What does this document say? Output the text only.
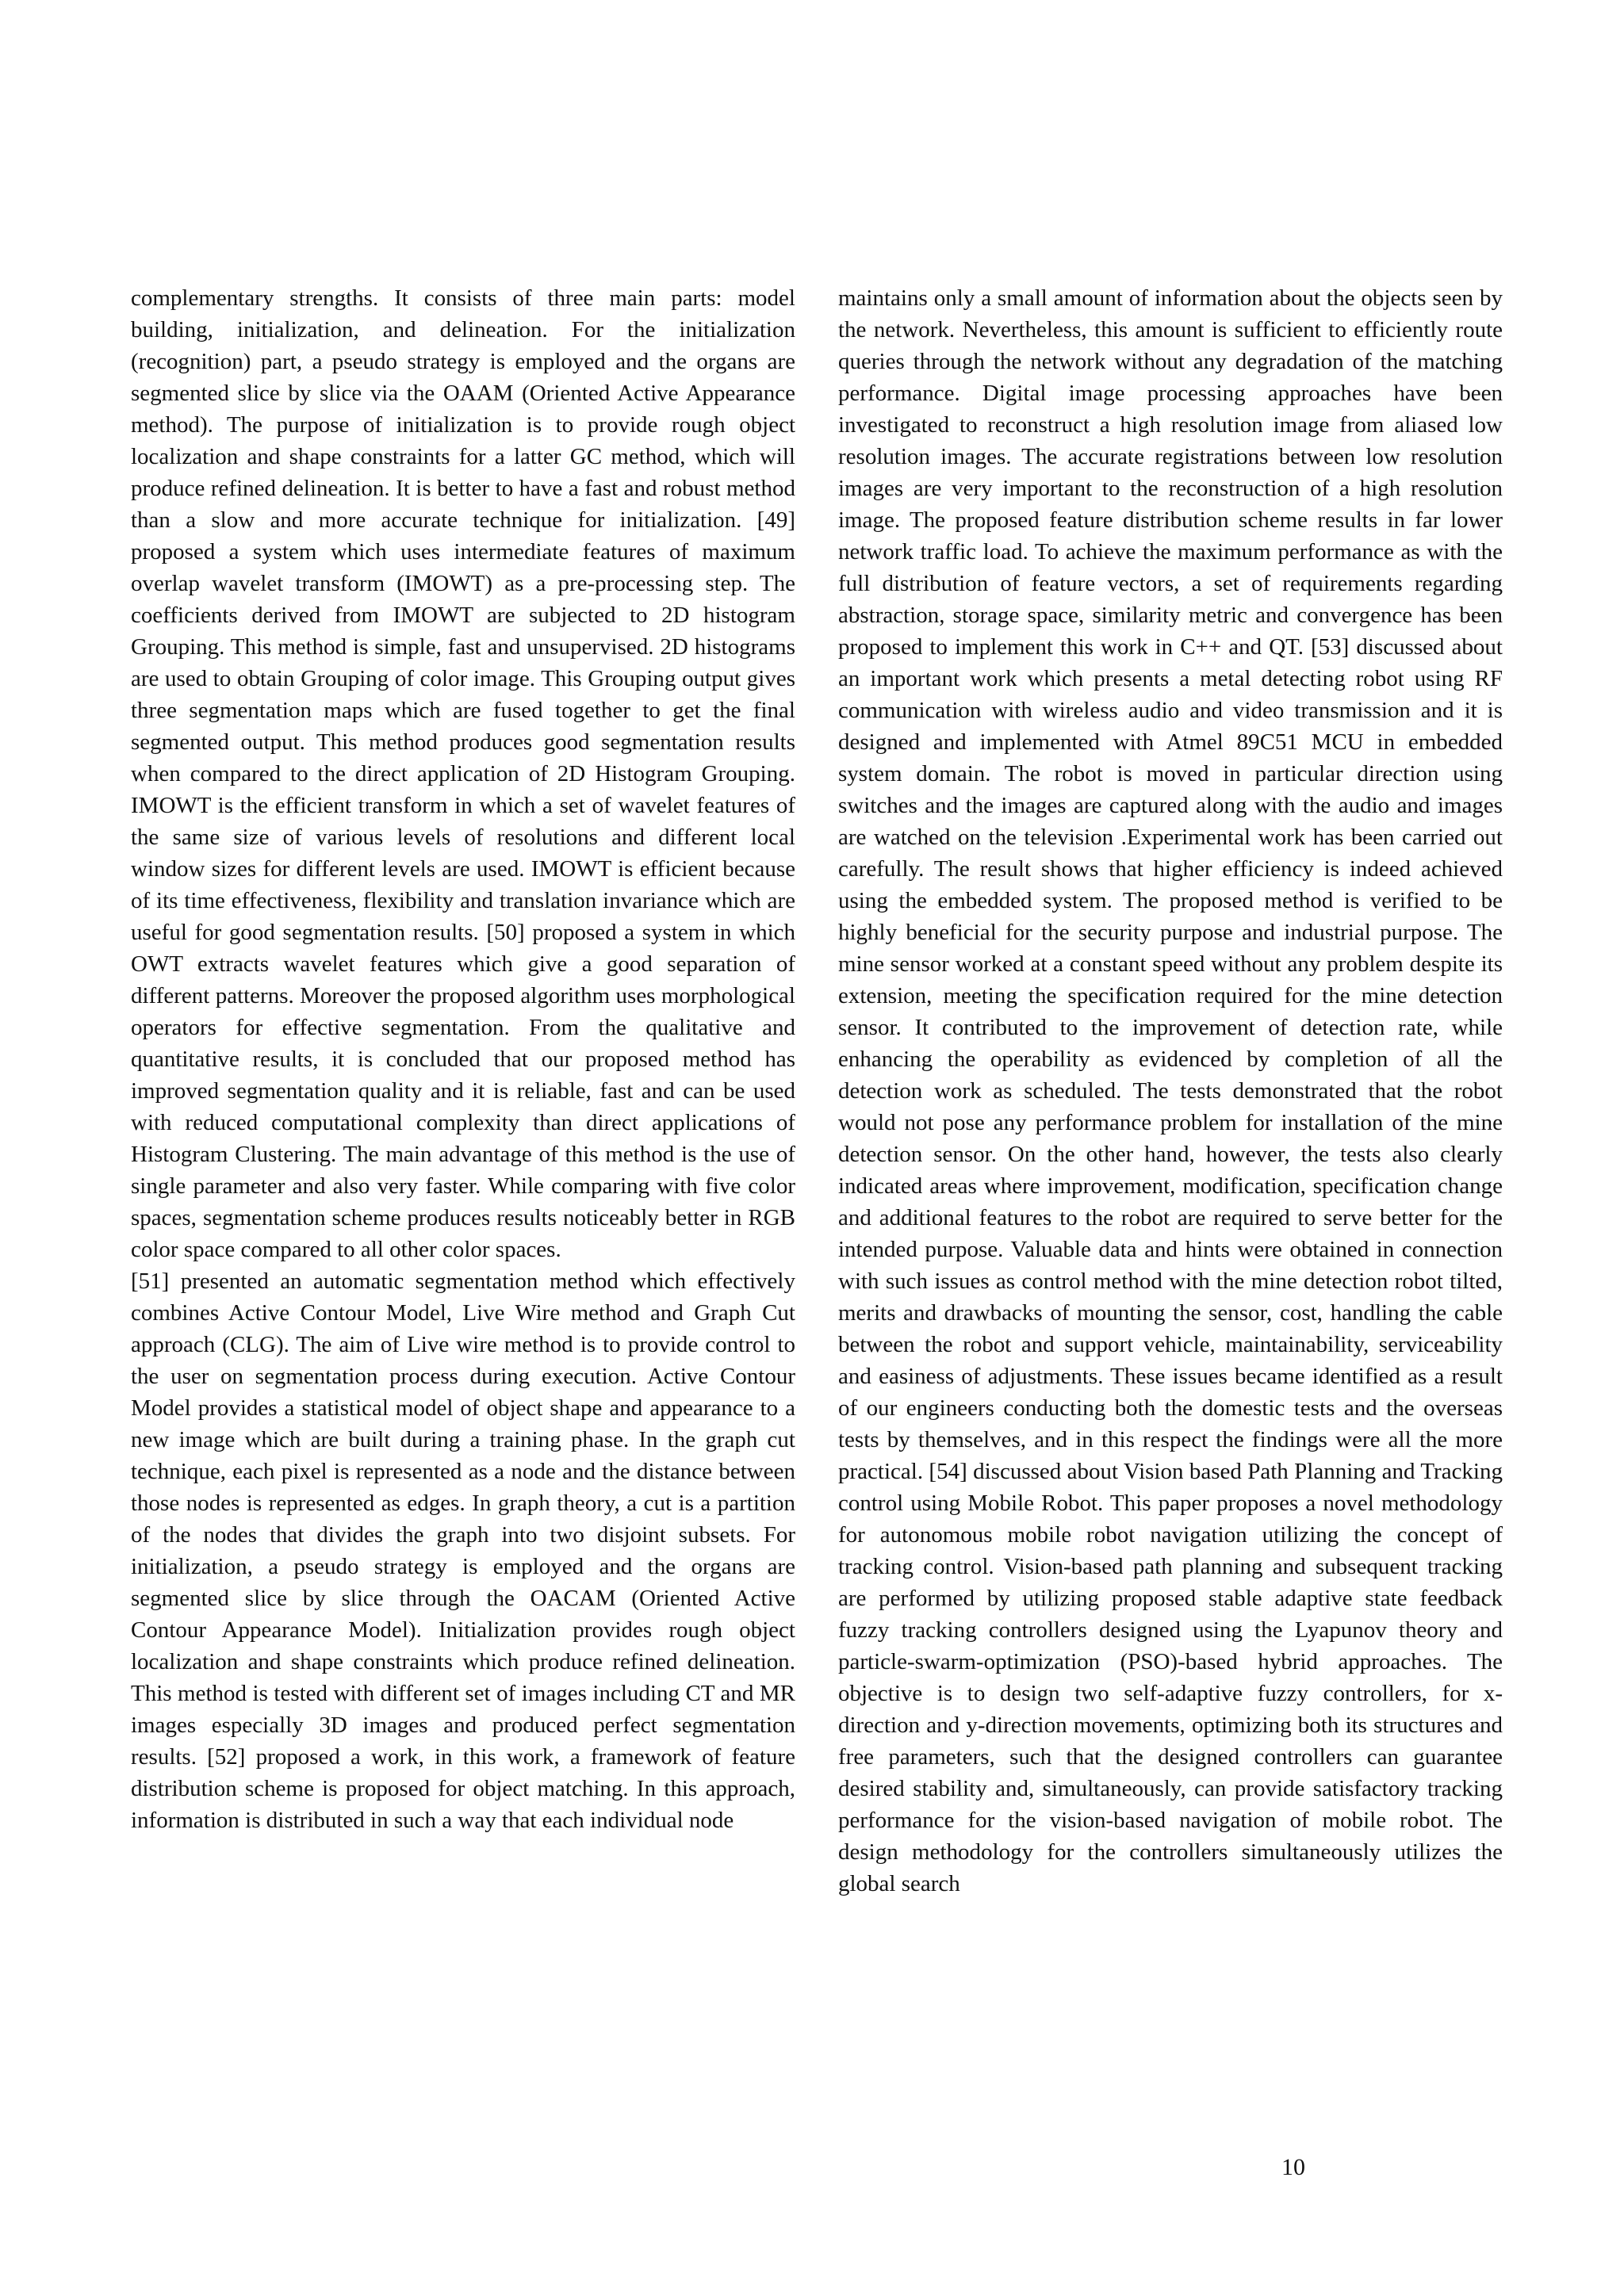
complementary strengths. It consists of three main parts: model building, initialization, and delineation. For the initialization (recognition) part, a pseudo strategy is employed and the organs are segmented slice by slice via the OAAM (Oriented Active Appearance method). The purpose of initialization is to provide rough object localization and shape constraints for a latter GC method, which will produce refined delineation. It is better to have a fast and robust method than a slow and more accurate technique for initialization. [49] proposed a system which uses intermediate features of maximum overlap wavelet transform (IMOWT) as a pre-processing step. The coefficients derived from IMOWT are subjected to 2D histogram Grouping. This method is simple, fast and unsupervised. 2D histograms are used to obtain Grouping of color image. This Grouping output gives three segmentation maps which are fused together to get the final segmented output. This method produces good segmentation results when compared to the direct application of 2D Histogram Grouping. IMOWT is the efficient transform in which a set of wavelet features of the same size of various levels of resolutions and different local window sizes for different levels are used. IMOWT is efficient because of its time effectiveness, flexibility and translation invariance which are useful for good segmentation results. [50] proposed a system in which OWT extracts wavelet features which give a good separation of different patterns. Moreover the proposed algorithm uses morphological operators for effective segmentation. From the qualitative and quantitative results, it is concluded that our proposed method has improved segmentation quality and it is reliable, fast and can be used with reduced computational complexity than direct applications of Histogram Clustering. The main advantage of this method is the use of single parameter and also very faster. While comparing with five color spaces, segmentation scheme produces results noticeably better in RGB color space compared to all other color spaces.

[51] presented an automatic segmentation method which effectively combines Active Contour Model, Live Wire method and Graph Cut approach (CLG). The aim of Live wire method is to provide control to the user on segmentation process during execution. Active Contour Model provides a statistical model of object shape and appearance to a new image which are built during a training phase. In the graph cut technique, each pixel is represented as a node and the distance between those nodes is represented as edges. In graph theory, a cut is a partition of the nodes that divides the graph into two disjoint subsets. For initialization, a pseudo strategy is employed and the organs are segmented slice by slice through the OACAM (Oriented Active Contour Appearance Model). Initialization provides rough object localization and shape constraints which produce refined delineation. This method is tested with different set of images including CT and MR images especially 3D images and produced perfect segmentation results. [52] proposed a work, in this work, a framework of feature distribution scheme is proposed for object matching. In this approach, information is distributed in such a way that each individual node

maintains only a small amount of information about the objects seen by the network. Nevertheless, this amount is sufficient to efficiently route queries through the network without any degradation of the matching performance. Digital image processing approaches have been investigated to reconstruct a high resolution image from aliased low resolution images. The accurate registrations between low resolution images are very important to the reconstruction of a high resolution image. The proposed feature distribution scheme results in far lower network traffic load. To achieve the maximum performance as with the full distribution of feature vectors, a set of requirements regarding abstraction, storage space, similarity metric and convergence has been proposed to implement this work in C++ and QT. [53] discussed about an important work which presents a metal detecting robot using RF communication with wireless audio and video transmission and it is designed and implemented with Atmel 89C51 MCU in embedded system domain. The robot is moved in particular direction using switches and the images are captured along with the audio and images are watched on the television .Experimental work has been carried out carefully. The result shows that higher efficiency is indeed achieved using the embedded system. The proposed method is verified to be highly beneficial for the security purpose and industrial purpose. The mine sensor worked at a constant speed without any problem despite its extension, meeting the specification required for the mine detection sensor. It contributed to the improvement of detection rate, while enhancing the operability as evidenced by completion of all the detection work as scheduled. The tests demonstrated that the robot would not pose any performance problem for installation of the mine detection sensor. On the other hand, however, the tests also clearly indicated areas where improvement, modification, specification change and additional features to the robot are required to serve better for the intended purpose. Valuable data and hints were obtained in connection with such issues as control method with the mine detection robot tilted, merits and drawbacks of mounting the sensor, cost, handling the cable between the robot and support vehicle, maintainability, serviceability and easiness of adjustments. These issues became identified as a result of our engineers conducting both the domestic tests and the overseas tests by themselves, and in this respect the findings were all the more practical. [54] discussed about Vision based Path Planning and Tracking control using Mobile Robot. This paper proposes a novel methodology for autonomous mobile robot navigation utilizing the concept of tracking control. Vision-based path planning and subsequent tracking are performed by utilizing proposed stable adaptive state feedback fuzzy tracking controllers designed using the Lyapunov theory and particle-swarm-optimization (PSO)-based hybrid approaches. The objective is to design two self-adaptive fuzzy controllers, for x-direction and y-direction movements, optimizing both its structures and free parameters, such that the designed controllers can guarantee desired stability and, simultaneously, can provide satisfactory tracking performance for the vision-based navigation of mobile robot. The design methodology for the controllers simultaneously utilizes the global search

10
